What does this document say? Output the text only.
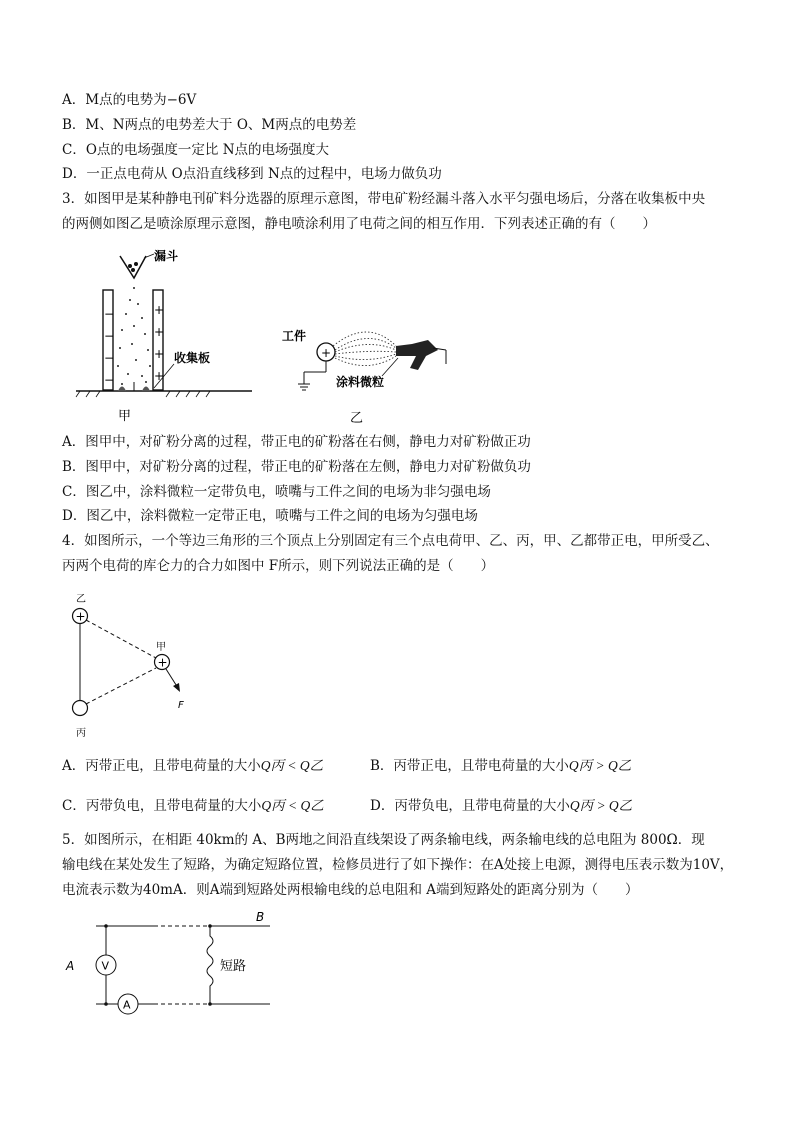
A．M点的电势为−6V
B．M、N两点的电势差大于 O、M两点的电势差
C．O点的电场强度一定比 N点的电场强度大
D．一正点电荷从 O点沿直线移到 N点的过程中，电场力做负功
3．如图甲是某种静电刊矿料分选器的原理示意图，带电矿粉经漏斗落入水平匀强电场后，分落在收集板中央
的两侧如图乙是喷涂原理示意图，静电喷涂利用了电荷之间的相互作用．下列表述正确的有（　　）
漏斗
−
−
−
−
+
+
+
+
收集板
甲
工件
+
涂料微粒
乙
A．图甲中，对矿粉分离的过程，带正电的矿粉落在右侧，静电力对矿粉做正功
B．图甲中，对矿粉分离的过程，带正电的矿粉落在左侧，静电力对矿粉做负功
C．图乙中，涂料微粒一定带负电，喷嘴与工件之间的电场为非匀强电场
D．图乙中，涂料微粒一定带正电，喷嘴与工件之间的电场为匀强电场
4．如图所示，一个等边三角形的三个顶点上分别固定有三个点电荷甲、乙、丙，甲、乙都带正电，甲所受乙、
丙两个电荷的库仑力的合力如图中 F所示，则下列说法正确的是（　　）
乙
甲
丙
+
+
F
A．丙带正电，且带电荷量的大小Q丙 < Q乙	B．丙带正电，且带电荷量的大小Q丙 > Q乙
C．丙带负电，且带电荷量的大小Q丙 < Q乙	D．丙带负电，且带电荷量的大小Q丙 > Q乙
5．如图所示，在相距 40km的 A、B两地之间沿直线架设了两条输电线，两条输电线的总电阻为 800Ω．现
输电线在某处发生了短路，为确定短路位置，检修员进行了如下操作：在A处接上电源，测得电压表示数为10V，
电流表示数为40mA．则A端到短路处两根输电线的总电阻和 A端到短路处的距离分别为（　　）
V
A
短路
A
B
